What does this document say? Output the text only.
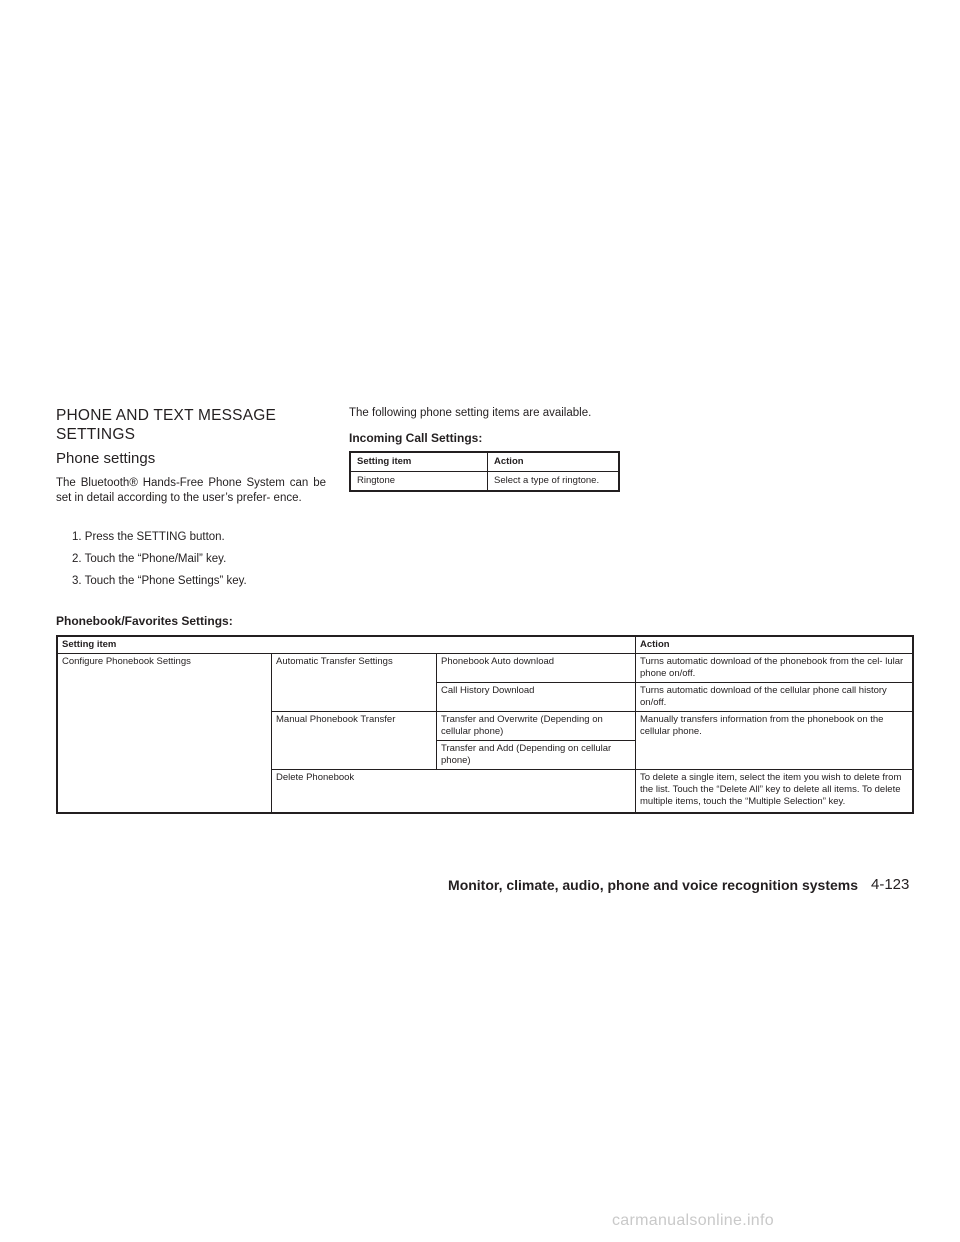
PHONE AND TEXT MESSAGE SETTINGS
Phone settings
The Bluetooth® Hands-Free Phone System can be set in detail according to the user’s prefer- ence.
1. Press the SETTING button.
2. Touch the “Phone/Mail” key.
3. Touch the “Phone Settings” key.
The following phone setting items are available.
Incoming Call Settings:
Setting item	Action
Ringtone	Select a type of ringtone.
Phonebook/Favorites Settings:
Setting item			Action
Configure Phonebook Settings	Automatic Transfer Settings	Phonebook Auto download	Turns automatic download of the phonebook from the cel- lular phone on/off.
		Call History Download	Turns automatic download of the cellular phone call history on/off.
	Manual Phonebook Transfer	Transfer and Overwrite (Depending on cellular phone)	Manually transfers information from the phonebook on the cellular phone.
		Transfer and Add (Depending on cellular phone)	
	Delete Phonebook		To delete a single item, select the item you wish to delete from the list. Touch the “Delete All” key to delete all items. To delete multiple items, touch the “Multiple Selection” key.
Monitor, climate, audio, phone and voice recognition systems 4-123
carmanualsonline.info
